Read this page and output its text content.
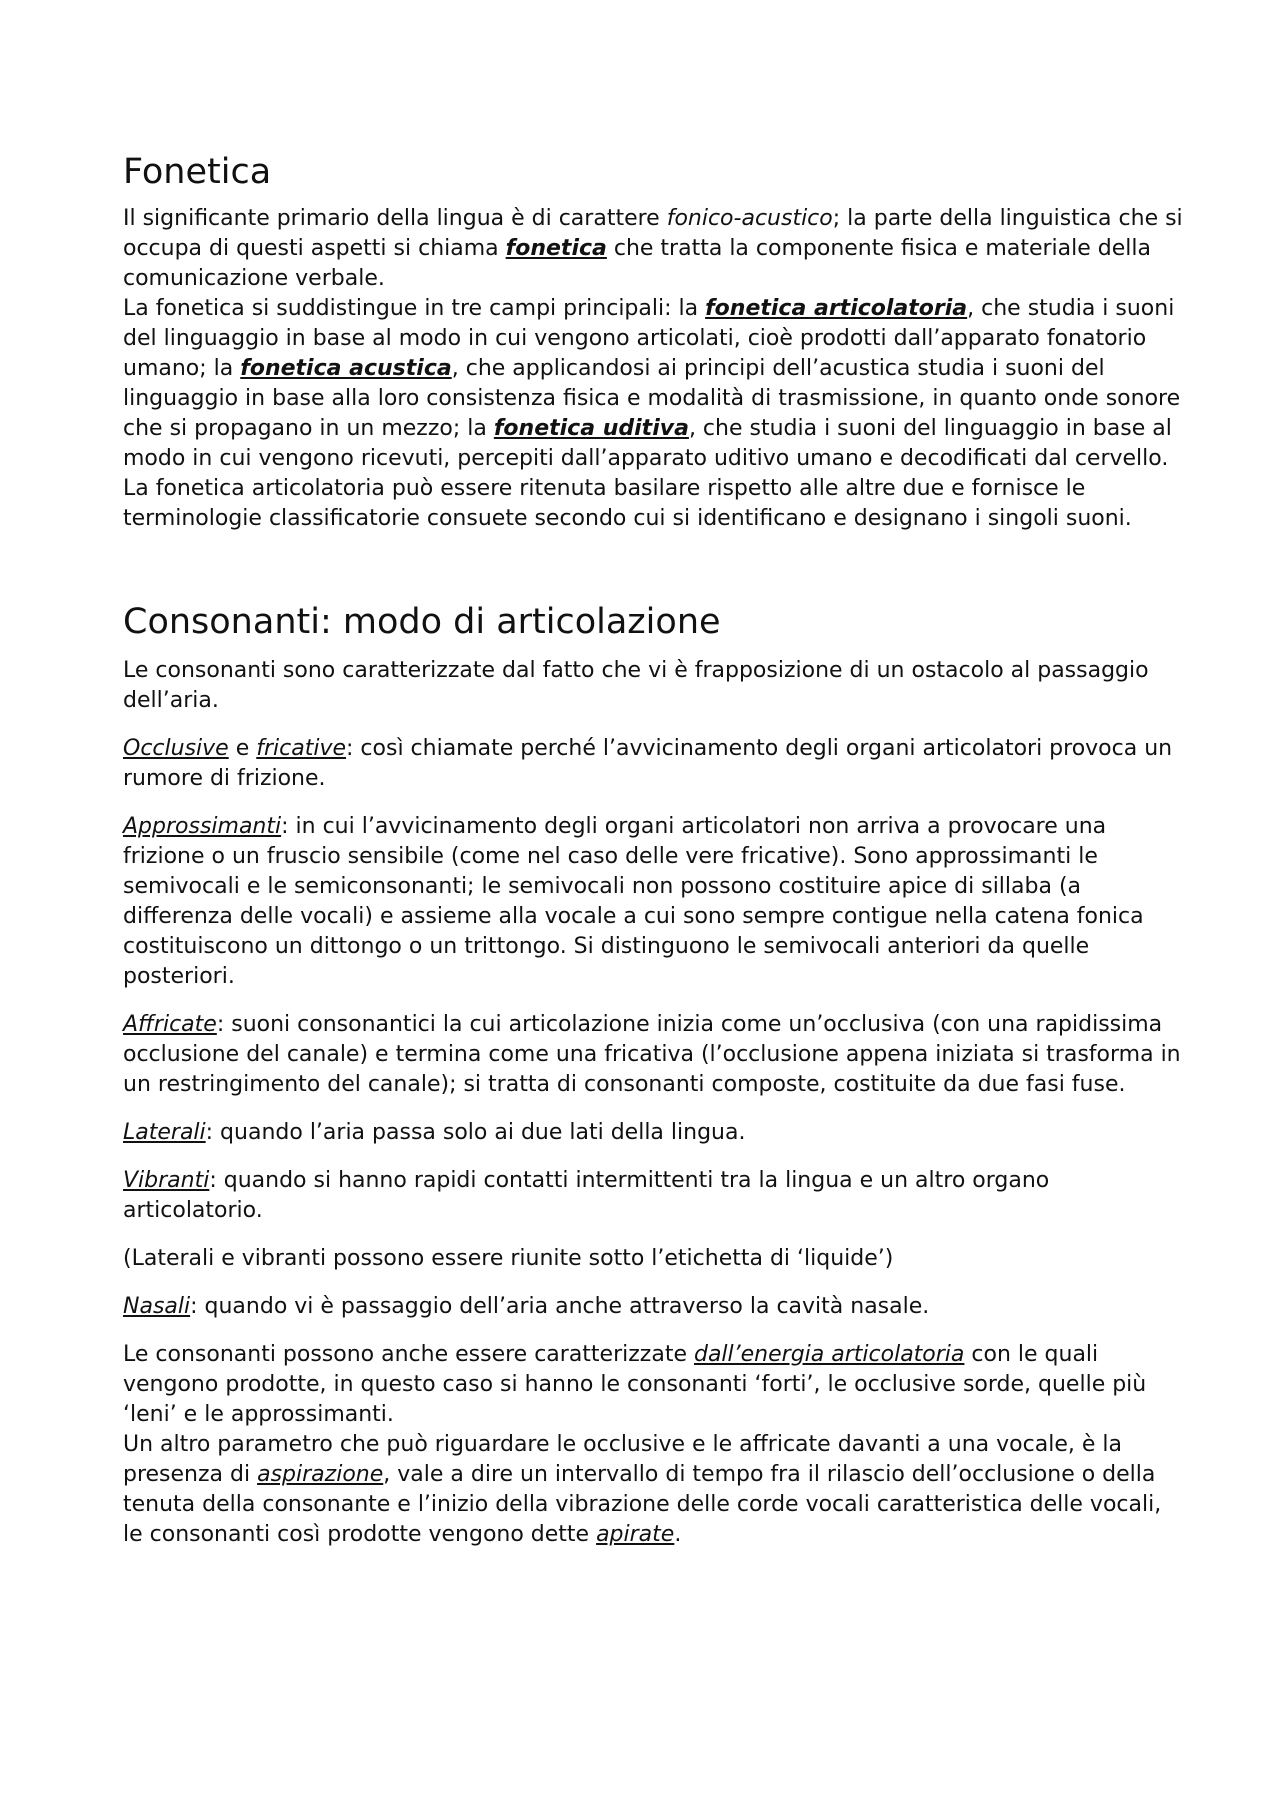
Fonetica

Il significante primario della lingua è di carattere fonico-acustico; la parte della linguistica che si occupa di questi aspetti si chiama fonetica che tratta la componente fisica e materiale della comunicazione verbale.

La fonetica si suddistingue in tre campi principali: la fonetica articolatoria, che studia i suoni del linguaggio in base al modo in cui vengono articolati, cioè prodotti dall’apparato fonatorio umano; la fonetica acustica, che applicandosi ai principi dell’acustica studia i suoni del linguaggio in base alla loro consistenza fisica e modalità di trasmissione, in quanto onde sonore che si propagano in un mezzo; la fonetica uditiva, che studia i suoni del linguaggio in base al modo in cui vengono ricevuti, percepiti dall’apparato uditivo umano e decodificati dal cervello.

La fonetica articolatoria può essere ritenuta basilare rispetto alle altre due e fornisce le terminologie classificatorie consuete secondo cui si identificano e designano i singoli suoni.

Consonanti: modo di articolazione

Le consonanti sono caratterizzate dal fatto che vi è frapposizione di un ostacolo al passaggio dell’aria.

Occlusive e fricative: così chiamate perché l’avvicinamento degli organi articolatori provoca un rumore di frizione.

Approssimanti: in cui l’avvicinamento degli organi articolatori non arriva a provocare una frizione o un fruscio sensibile (come nel caso delle vere fricative). Sono approssimanti le semivocali e le semiconsonanti; le semivocali non possono costituire apice di sillaba (a differenza delle vocali) e assieme alla vocale a cui sono sempre contigue nella catena fonica costituiscono un dittongo o un trittongo. Si distinguono le semivocali anteriori da quelle posteriori.

Affricate: suoni consonantici la cui articolazione inizia come un’occlusiva (con una rapidissima occlusione del canale) e termina come una fricativa (l’occlusione appena iniziata si trasforma in un restringimento del canale); si tratta di consonanti composte, costituite da due fasi fuse.

Laterali: quando l’aria passa solo ai due lati della lingua.

Vibranti: quando si hanno rapidi contatti intermittenti tra la lingua e un altro organo articolatorio.

(Laterali e vibranti possono essere riunite sotto l’etichetta di ‘liquide’)

Nasali: quando vi è passaggio dell’aria anche attraverso la cavità nasale.

Le consonanti possono anche essere caratterizzate dall’energia articolatoria con le quali vengono prodotte, in questo caso si hanno le consonanti ‘forti’, le occlusive sorde, quelle più ‘leni’ e le approssimanti.

Un altro parametro che può riguardare le occlusive e le affricate davanti a una vocale, è la presenza di aspirazione, vale a dire un intervallo di tempo fra il rilascio dell’occlusione o della tenuta della consonante e l’inizio della vibrazione delle corde vocali caratteristica delle vocali, le consonanti così prodotte vengono dette apirate.
